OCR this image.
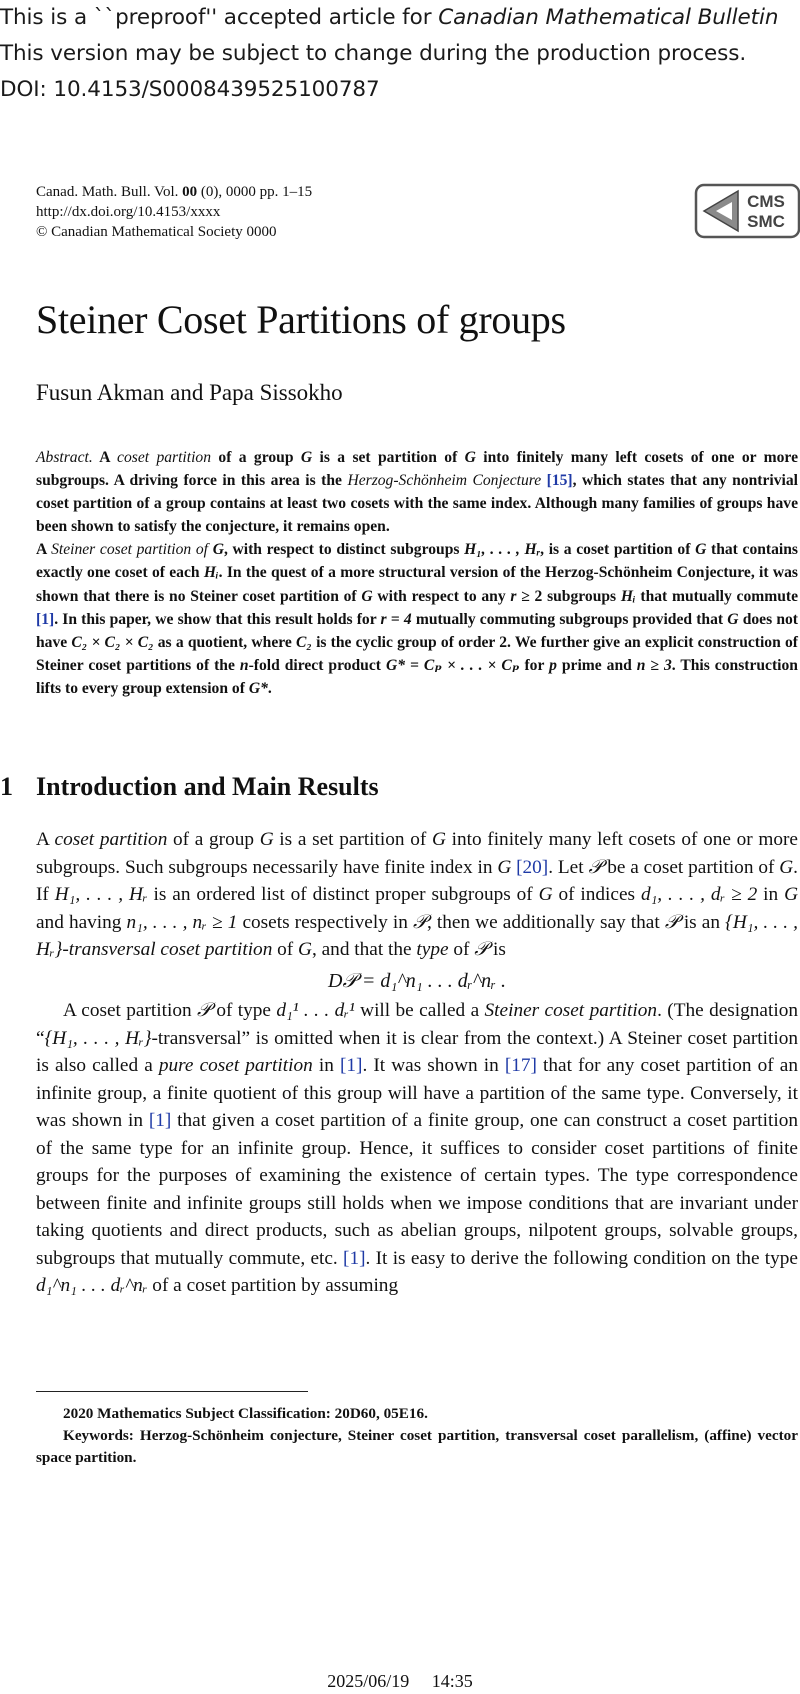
This is a ``preproof'' accepted article for Canadian Mathematical Bulletin
This version may be subject to change during the production process.
DOI: 10.4153/S0008439525100787
Canad. Math. Bull. Vol. 00 (0), 0000 pp. 1–15
http://dx.doi.org/10.4153/xxxx
© Canadian Mathematical Society 0000
CMS
SMC
Steiner Coset Partitions of groups
Fusun Akman and Papa Sissokho

Abstract. A coset partition of a group G is a set partition of G into finitely many left cosets of one or more subgroups. A driving force in this area is the Herzog-Schönheim Conjecture [15], which states that any nontrivial coset partition of a group contains at least two cosets with the same index. Although many families of groups have been shown to satisfy the conjecture, it remains open.

A Steiner coset partition of G, with respect to distinct subgroups H₁, . . . , Hᵣ, is a coset partition of G that contains exactly one coset of each Hᵢ. In the quest of a more structural version of the Herzog-Schönheim Conjecture, it was shown that there is no Steiner coset partition of G with respect to any r ≥ 2 subgroups Hᵢ that mutually commute [1]. In this paper, we show that this result holds for r = 4 mutually commuting subgroups provided that G does not have C₂ × C₂ × C₂ as a quotient, where C₂ is the cyclic group of order 2. We further give an explicit construction of Steiner coset partitions of the n-fold direct product G* = Cₚ × . . . × Cₚ for p prime and n ≥ 3. This construction lifts to every group extension of G*.

1 Introduction and Main Results

A coset partition of a group G is a set partition of G into finitely many left cosets of one or more subgroups. Such subgroups necessarily have finite index in G [20]. Let 𝒫 be a coset partition of G. If H₁, . . . , Hᵣ is an ordered list of distinct proper subgroups of G of indices d₁, . . . , dᵣ ≥ 2 in G and having n₁, . . . , nᵣ ≥ 1 cosets respectively in 𝒫, then we additionally say that 𝒫 is an {H₁, . . . , Hᵣ}-transversal coset partition of G, and that the type of 𝒫 is

D𝒫 = d₁^n₁ . . . dᵣ^nᵣ .

A coset partition 𝒫 of type d₁¹ . . . dᵣ¹ will be called a Steiner coset partition. (The designation “{H₁, . . . , Hᵣ}-transversal” is omitted when it is clear from the context.) A Steiner coset partition is also called a pure coset partition in [1]. It was shown in [17] that for any coset partition of an infinite group, a finite quotient of this group will have a partition of the same type. Conversely, it was shown in [1] that given a coset partition of a finite group, one can construct a coset partition of the same type for an infinite group. Hence, it suffices to consider coset partitions of finite groups for the purposes of examining the existence of certain types. The type correspondence between finite and infinite groups still holds when we impose conditions that are invariant under taking quotients and direct products, such as abelian groups, nilpotent groups, solvable groups, subgroups that mutually commute, etc. [1]. It is easy to derive the following condition on the type d₁^n₁ . . . dᵣ^nᵣ of a coset partition by assuming

2020 Mathematics Subject Classification: 20D60, 05E16.

Keywords: Herzog-Schönheim conjecture, Steiner coset partition, transversal coset parallelism, (affine) vector space partition.

2025/06/19     14:35
